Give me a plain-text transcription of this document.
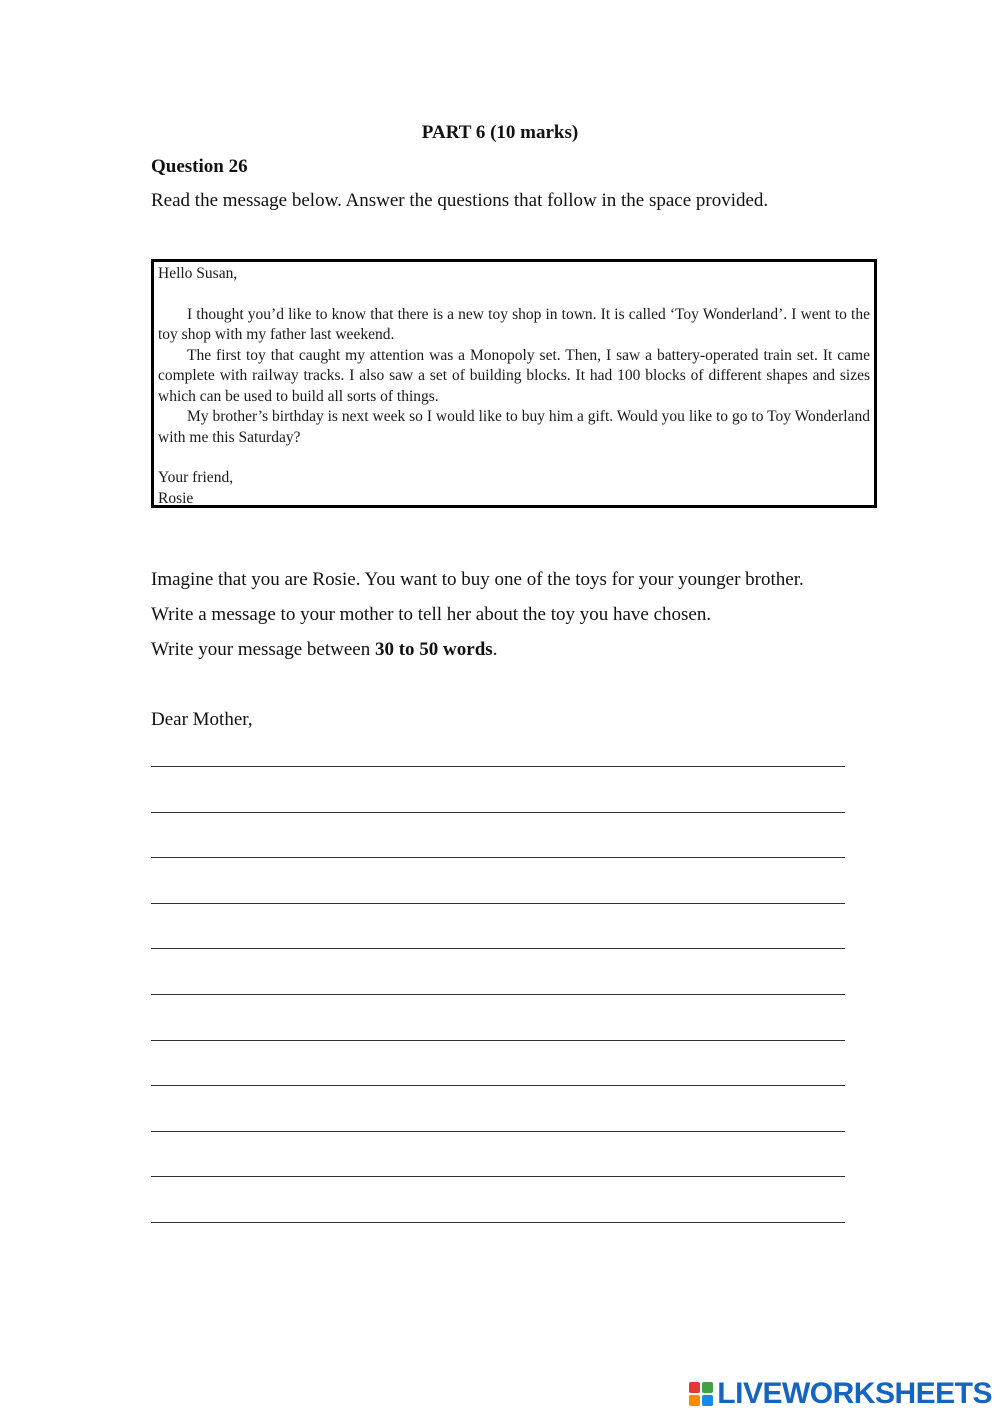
PART 6 (10 marks)
Question 26
Read the message below. Answer the questions that follow in the space provided.
Hello Susan,

I thought you’d like to know that there is a new toy shop in town. It is called ‘Toy Wonderland’. I went to the toy shop with my father last weekend.

The first toy that caught my attention was a Monopoly set. Then, I saw a battery-operated train set. It came complete with railway tracks. I also saw a set of building blocks. It had 100 blocks of different shapes and sizes which can be used to build all sorts of things.

My brother’s birthday is next week so I would like to buy him a gift. Would you like to go to Toy Wonderland with me this Saturday?

Your friend,
Rosie
Imagine that you are Rosie. You want to buy one of the toys for your younger brother.
Write a message to your mother to tell her about the toy you have chosen.
Write your message between 30 to 50 words.
Dear Mother,
LIVEWORKSHEETS
